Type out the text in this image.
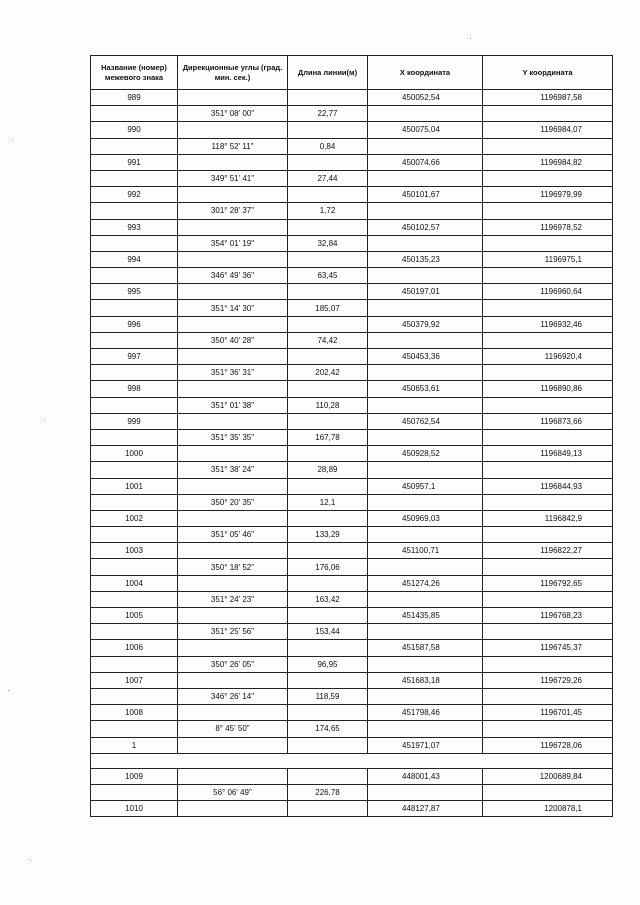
Название (номер) межевого знака	Дирекционные углы (град. мин. сек.)	Длина линии(м)	X координата	Y координата
989			450052,54	1196987,58
	351° 08' 00"	22,77		
990			450075,04	1196984,07
	118° 52' 11"	0,84		
991			450074,66	1196984,82
	349° 51' 41"	27,44		
992			450101,67	1196979,99
	301° 28' 37"	1,72		
993			450102,57	1196978,52
	354° 01' 19"	32,84		
994			450135,23	1196975,1
	346° 49' 36"	63,45		
995			450197,01	1196960,64
	351° 14' 30"	185,07		
996			450379,92	1196932,46
	350° 40' 28"	74,42		
997			450453,36	1196920,4
	351° 36' 31"	202,42		
998			450653,61	1196890,86
	351° 01' 38"	110,28		
999			450762,54	1196873,66
	351° 35' 35"	167,78		
1000			450928,52	1196849,13
	351° 38' 24"	28,89		
1001			450957,1	1196844,93
	350° 20' 35"	12,1		
1002			450969,03	1196842,9
	351° 05' 46"	133,29		
1003			451100,71	1196822,27
	350° 18' 52"	176,06		
1004			451274,26	1196792,65
	351° 24' 23"	163,42		
1005			451435,85	1196768,23
	351° 25' 56"	153,44		
1006			451587,58	1196745,37
	350° 26' 05"	96,95		
1007			451683,18	1196729,26
	346° 26' 14"	118,59		
1008			451798,46	1196701,45
	8° 45' 50"	174,65		
1			451971,07	1196728,06

1009			448001,43	1200689,84
	56° 06' 49"	226,78		
1010			448127,87	1200878,1
